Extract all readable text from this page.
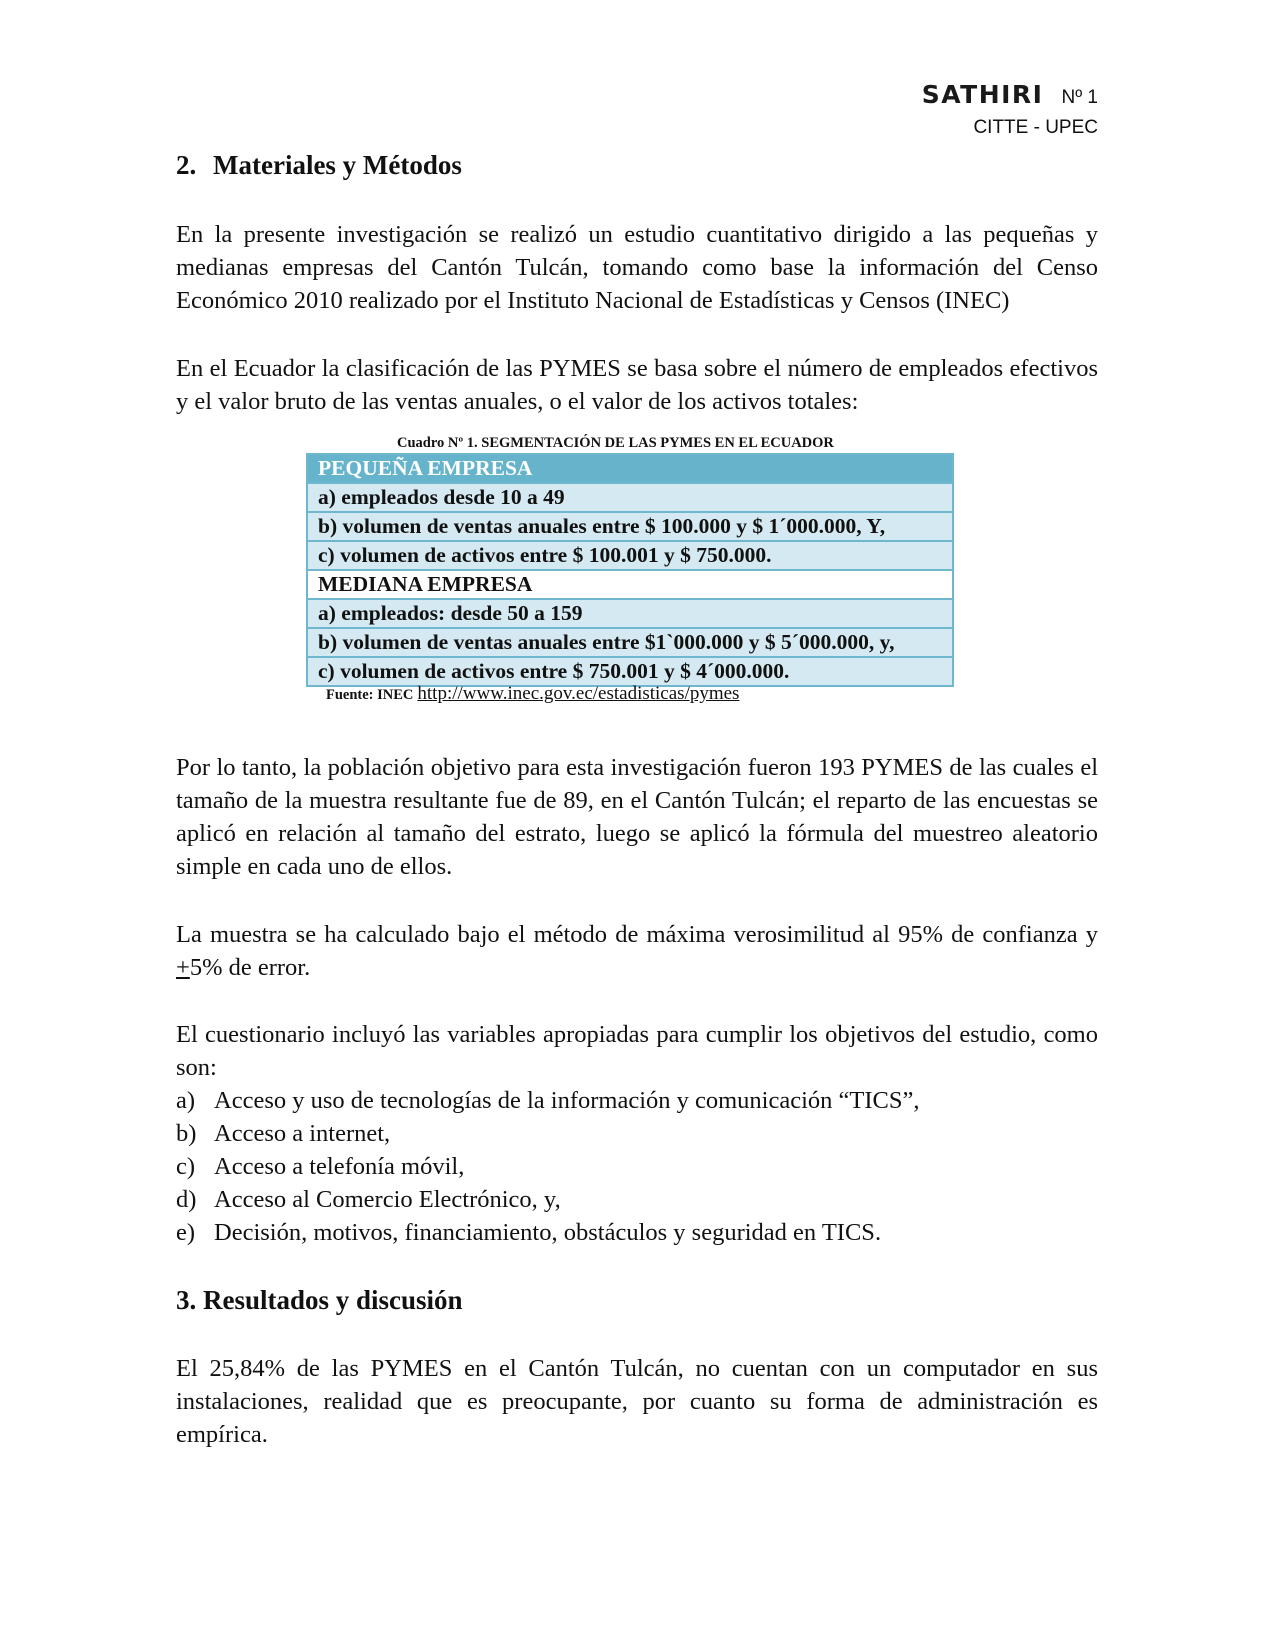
SATHIRI Nº 1
CITTE - UPEC
2. Materiales y Métodos

En la presente investigación se realizó un estudio cuantitativo dirigido a las pequeñas y medianas empresas del Cantón Tulcán, tomando como base la información del Censo Económico 2010 realizado por el Instituto Nacional de Estadísticas y Censos (INEC)

En el Ecuador la clasificación de las PYMES se basa sobre el número de empleados efectivos y el valor bruto de las ventas anuales, o el valor de los activos totales:

Cuadro Nº 1. SEGMENTACIÓN DE LAS PYMES EN EL ECUADOR
PEQUEÑA EMPRESA
a) empleados desde 10 a 49
b) volumen de ventas anuales entre $ 100.000 y $ 1´000.000, Y,
c) volumen de activos entre $ 100.001 y $ 750.000.
MEDIANA EMPRESA
a) empleados: desde 50 a 159
b) volumen de ventas anuales entre $1`000.000 y $ 5´000.000, y,
c) volumen de activos entre $ 750.001 y $ 4´000.000.
Fuente: INEC http://www.inec.gov.ec/estadisticas/pymes

Por lo tanto, la población objetivo para esta investigación fueron 193 PYMES de las cuales el tamaño de la muestra resultante fue de 89, en el Cantón Tulcán; el reparto de las encuestas se aplicó en relación al tamaño del estrato, luego se aplicó la fórmula del muestreo aleatorio simple en cada uno de ellos.

La muestra se ha calculado bajo el método de máxima verosimilitud al 95% de confianza y +5% de error.

El cuestionario incluyó las variables apropiadas para cumplir los objetivos del estudio, como son:

a) Acceso y uso de tecnologías de la información y comunicación “TICS”,
b) Acceso a internet,
c) Acceso a telefonía móvil,
d) Acceso al Comercio Electrónico, y,
e) Decisión, motivos, financiamiento, obstáculos y seguridad en TICS.
3. Resultados y discusión

El 25,84% de las PYMES en el Cantón Tulcán, no cuentan con un computador en sus instalaciones, realidad que es preocupante, por cuanto su forma de administración es empírica.
